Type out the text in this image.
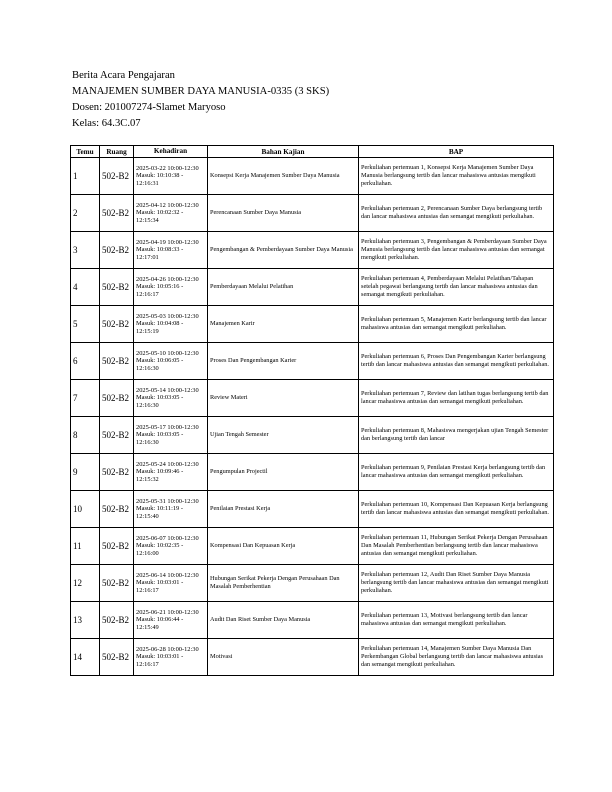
Berita Acara Pengajaran
MANAJEMEN SUMBER DAYA MANUSIA-0335 (3 SKS)
Dosen: 201007274-Slamet Maryoso
Kelas: 64.3C.07
Temu	Ruang	Kehadiran	Bahan Kajian	BAP
1	502-B2	2025-03-22 10:00-12:30
Masuk: 10:10:38 - 12:16:31	Konsepsi Kerja Manajemen Sumber Daya Manusia	Perkuliahan pertemuan 1, Konsepsi Kerja Manajemen Sumber Daya Manusia berlangsung tertib dan lancar mahasiswa antusias mengikuti perkuliahan.
2	502-B2	2025-04-12 10:00-12:30
Masuk: 10:02:32 - 12:15:34	Perencanaan Sumber Daya Manusia	Perkuliahan pertemuan 2, Perencanaan Sumber Daya berlangsung tertib dan lancar mahasiswa antusias dan semangat mengikuti perkuliahan.
3	502-B2	2025-04-19 10:00-12:30
Masuk: 10:08:33 - 12:17:01	Pengembangan & Pemberdayaan Sumber Daya Manusia	Perkuliahan pertemuan 3, Pengembangan & Pemberdayaan Sumber Daya Manusia berlangsung tertib dan lancar mahasiswa antusias dan semangat mengikuti perkuliahan.
4	502-B2	2025-04-26 10:00-12:30
Masuk: 10:05:16 - 12:16:17	Pemberdayaan Melalui Pelatihan	Perkuliahan pertemuan 4, Pemberdayaan Melalui Pelatihan/Tahapan setelah pegawai berlangsung tertib dan lancar mahasiswa antusias dan semangat mengikuti perkuliahan.
5	502-B2	2025-05-03 10:00-12:30
Masuk: 10:04:08 - 12:15:19	Manajemen Karir	Perkuliahan pertemuan 5, Manajemen Karir berlangsung tertib dan lancar mahasiswa antusias dan semangat mengikuti perkuliahan.
6	502-B2	2025-05-10 10:00-12:30
Masuk: 10:06:05 - 12:16:30	Proses Dan Pengembangan Karier	Perkuliahan pertemuan 6, Proses Dan Pengembangan Karier berlangsung tertib dan lancar mahasiswa antusias dan semangat mengikuti perkuliahan.
7	502-B2	2025-05-14 10:00-12:30
Masuk: 10:03:05 - 12:16:30	Review Materi	Perkuliahan pertemuan 7, Review dan latihan tugas berlangsung tertib dan lancar mahasiswa antusias dan semangat mengikuti perkuliahan.
8	502-B2	2025-05-17 10:00-12:30
Masuk: 10:03:05 - 12:16:30	Ujian Tengah Semester	Perkuliahan pertemuan 8, Mahasiswa mengerjakan ujian Tengah Semester dan berlangsung tertib dan lancar
9	502-B2	2025-05-24 10:00-12:30
Masuk: 10:09:46 - 12:15:32	Pengumpulan Projectil	Perkuliahan pertemuan 9, Penilaian Prestasi Kerja berlangsung tertib dan lancar mahasiswa antusias dan semangat mengikuti perkuliahan.
10	502-B2	2025-05-31 10:00-12:30
Masuk: 10:11:19 - 12:15:40	Penilaian Prestasi Kerja	Perkuliahan pertemuan 10, Kompensasi Dan Kepuasan Kerja berlangsung tertib dan lancar mahasiswa antusias dan semangat mengikuti perkuliahan.
11	502-B2	2025-06-07 10:00-12:30
Masuk: 10:02:35 - 12:16:00	Kompensasi Dan Kepuasan Kerja	Perkuliahan pertemuan 11, Hubungan Serikat Pekerja Dengan Perusahaan Dan Masalah Pemberhentian berlangsung tertib dan lancar mahasiswa antusias dan semangat mengikuti perkuliahan.
12	502-B2	2025-06-14 10:00-12:30
Masuk: 10:03:01 - 12:16:17	Hubungan Serikat Pekerja Dengan Perusahaan Dan Masalah Pemberhentian	Perkuliahan pertemuan 12, Audit Dan Riset Sumber Daya Manusia berlangsung tertib dan lancar mahasiswa antusias dan semangat mengikuti perkuliahan.
13	502-B2	2025-06-21 10:00-12:30
Masuk: 10:06:44 - 12:15:49	Audit Dan Riset Sumber Daya Manusia	Perkuliahan pertemuan 13, Motivasi berlangsung tertib dan lancar mahasiswa antusias dan semangat mengikuti perkuliahan.
14	502-B2	2025-06-28 10:00-12:30
Masuk: 10:03:01 - 12:16:17	Motivasi	Perkuliahan pertemuan 14, Manajemen Sumber Daya Manusia Dan Perkembangan Global berlangsung tertib dan lancar mahasiswa antusias dan semangat mengikuti perkuliahan.
